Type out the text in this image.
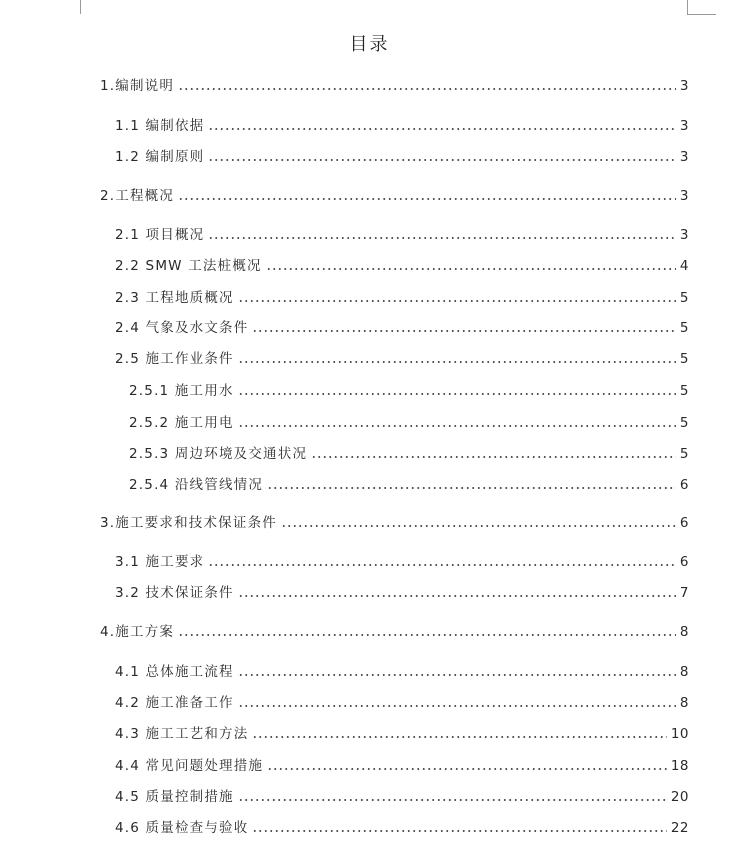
目录
1.编制说明	3
1.1 编制依据	3
1.2 编制原则	3
2.工程概况	3
2.1 项目概况	3
2.2 SMW 工法桩概况	4
2.3 工程地质概况	5
2.4 气象及水文条件	5
2.5 施工作业条件	5
2.5.1 施工用水	5
2.5.2 施工用电	5
2.5.3 周边环境及交通状况	5
2.5.4 沿线管线情况	6
3.施工要求和技术保证条件	6
3.1 施工要求	6
3.2 技术保证条件	7
4.施工方案	8
4.1 总体施工流程	8
4.2 施工准备工作	8
4.3 施工工艺和方法	10
4.4 常见问题处理措施	18
4.5 质量控制措施	20
4.6 质量检查与验收	22
